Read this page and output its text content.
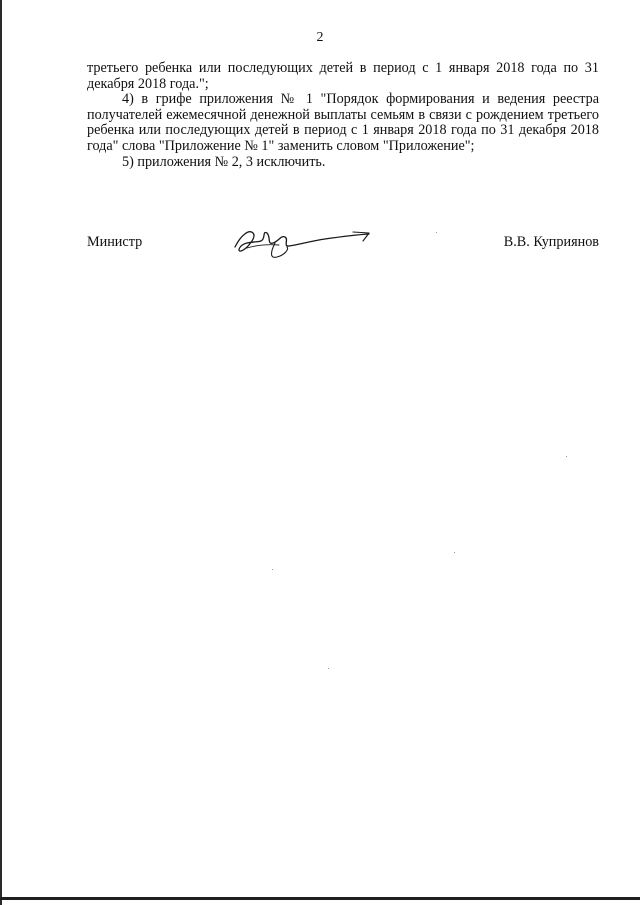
2

третьего ребенка или последующих детей в период с 1 января 2018 года по 31 декабря 2018 года.";

4) в грифе приложения № 1 "Порядок формирования и ведения реестра получателей ежемесячной денежной выплаты семьям в связи с рождением третьего ребенка или последующих детей в период с 1 января 2018 года по 31 декабря 2018 года" слова "Приложение № 1" заменить словом "Приложение";

5) приложения № 2, 3 исключить.

Министр	В.В. Куприянов
